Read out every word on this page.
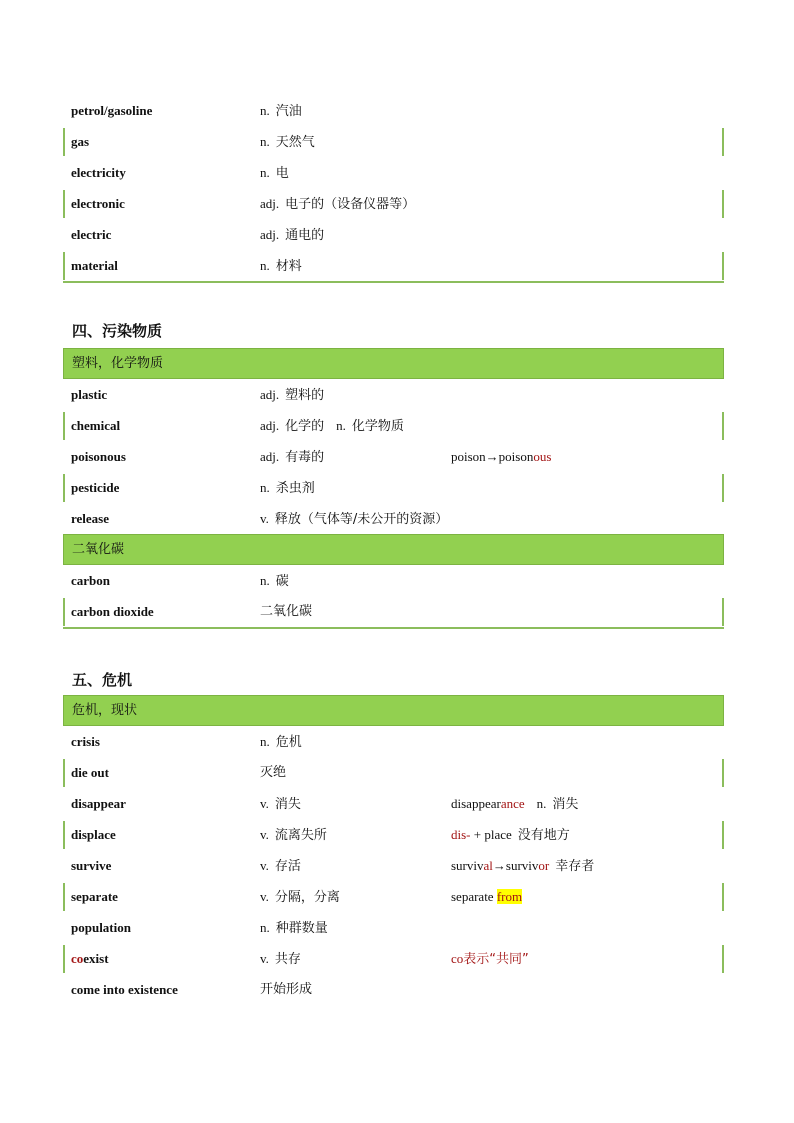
petrol/gasoline	n. 汽油
gas	n. 天然气
electricity	n. 电
electronic	adj. 电子的（设备仪器等）
electric	adj. 通电的
material	n. 材料
四、污染物质
塑料，化学物质
plastic	adj. 塑料的
chemical	adj. 化学的 n. 化学物质
poisonous	adj. 有毒的	poison→poisonous
pesticide	n. 杀虫剂
release	v. 释放（气体等/未公开的资源）
二氧化碳
carbon	n. 碳
carbon dioxide	二氧化碳
五、危机
危机，现状
crisis	n. 危机
die out	灭绝
disappear	v. 消失	disappearance n. 消失
displace	v. 流离失所	dis- + place 没有地方
survive	v. 存活	survival→survivor 幸存者
separate	v. 分隔，分离	separate from
population	n. 种群数量
coexist	v. 共存	co表示“共同”
come into existence	开始形成
